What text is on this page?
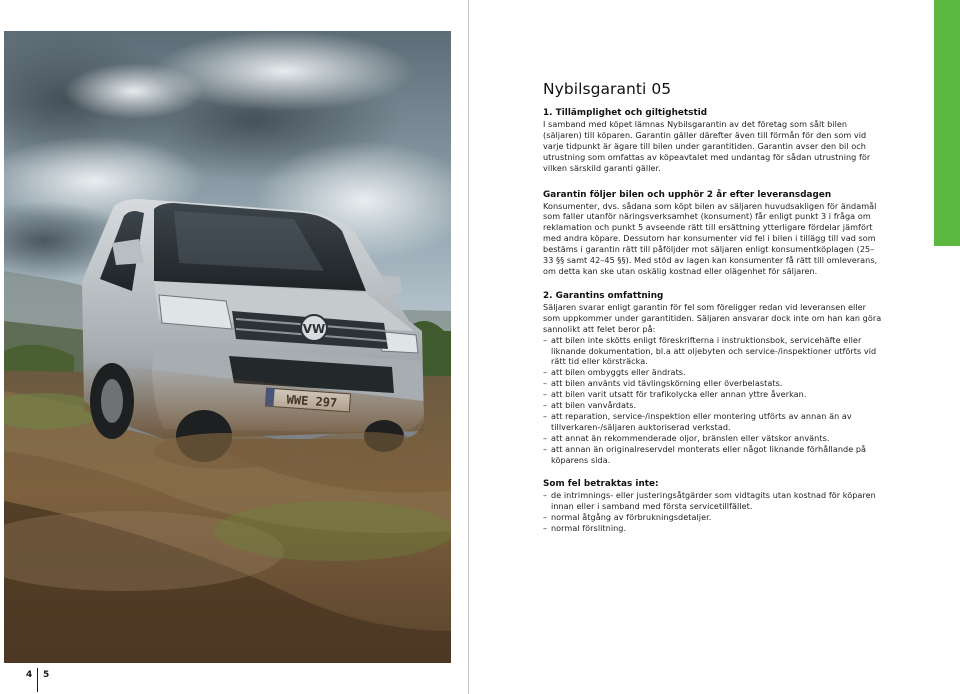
VW
4 5
Nybilsgaranti 05
1. Tillämplighet och giltighetstid

I samband med köpet lämnas Nybilsgarantin av det företag som sålt bilen (säljaren) till köparen. Garantin gäller därefter även till förmån för den som vid varje tidpunkt är ägare till bilen under garantitiden. Garantin avser den bil och utrustning som omfattas av köpeavtalet med undantag för sådan utrustning för vilken särskild garanti gäller.

Garantin följer bilen och upphör 2 år efter leveransdagen

Konsumenter, dvs. sådana som köpt bilen av säljaren huvudsakligen för ändamål som faller utanför näringsverksamhet (konsument) får enligt punkt 3 i fråga om reklamation och punkt 5 avseende rätt till ersättning ytterligare fördelar jämfört med andra köpare. Dessutom har konsumenter vid fel i bilen i tillägg till vad som bestäms i garantin rätt till påföljder mot säljaren enligt konsumentköplagen (25–33 §§ samt 42–45 §§). Med stöd av lagen kan konsumenter få rätt till omleverans, om detta kan ske utan oskälig kostnad eller olägenhet för säljaren.

2. Garantins omfattning

Säljaren svarar enligt garantin för fel som föreligger redan vid leveransen eller som uppkommer under garantitiden. Säljaren ansvarar dock inte om han kan göra sannolikt att felet beror på:

– att bilen inte skötts enligt föreskrifterna i instruktionsbok, servicehäfte eller liknande dokumentation, bl.a att oljebyten och service-/inspektioner utförts vid rätt tid eller körsträcka.
– att bilen ombyggts eller ändrats.
– att bilen använts vid tävlingskörning eller överbelastats.
– att bilen varit utsatt för trafikolycka eller annan yttre åverkan.
– att bilen vanvårdats.
– att reparation, service-/inspektion eller montering utförts av annan än av tillverkaren-/säljaren auktoriserad verkstad.
– att annat än rekommenderade oljor, bränslen eller vätskor använts.
– att annan än originalreservdel monterats eller något liknande förhållande på köparens sida.
Som fel betraktas inte:
– de intrimnings- eller justeringsåtgärder som vidtagits utan kostnad för köparen innan eller i samband med första servicetillfället.
– normal åtgång av förbrukningsdetaljer.
– normal förslitning.
